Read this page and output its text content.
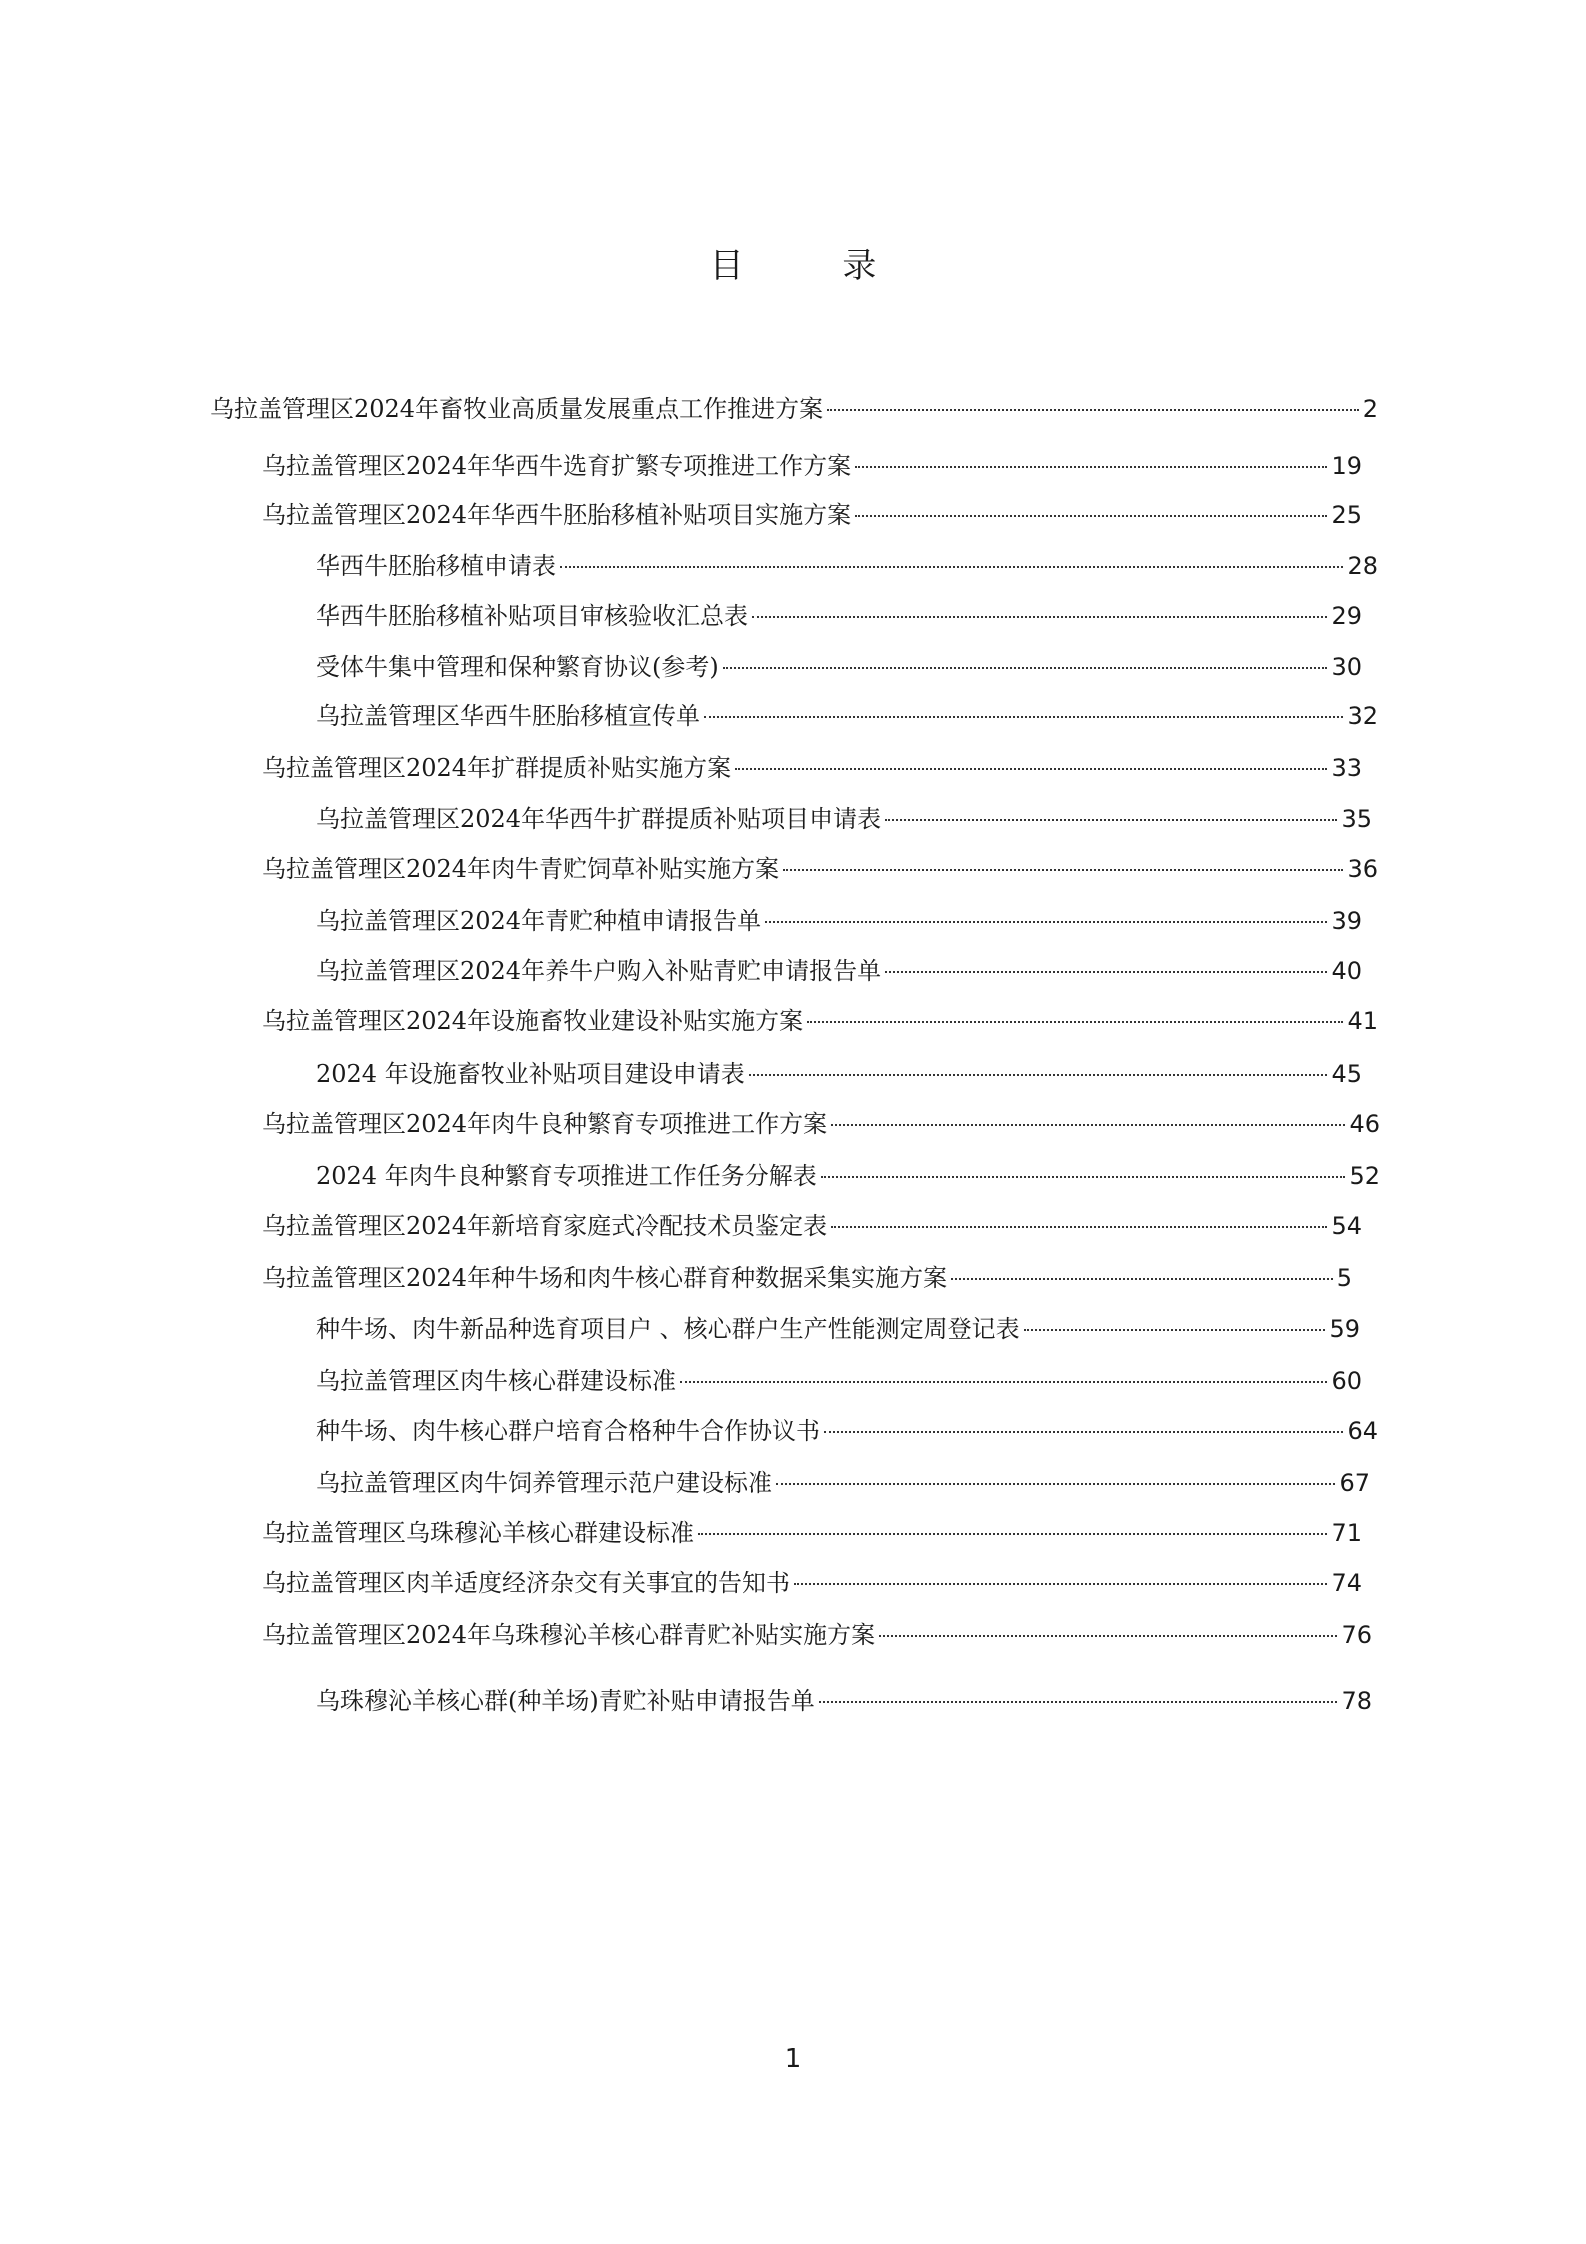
目 录
乌拉盖管理区2024年畜牧业高质量发展重点工作推进方案	2
乌拉盖管理区2024年华西牛选育扩繁专项推进工作方案	19
乌拉盖管理区2024年华西牛胚胎移植补贴项目实施方案	25
华西牛胚胎移植申请表	28
华西牛胚胎移植补贴项目审核验收汇总表	29
受体牛集中管理和保种繁育协议(参考)	30
乌拉盖管理区华西牛胚胎移植宣传单	32
乌拉盖管理区2024年扩群提质补贴实施方案	33
乌拉盖管理区2024年华西牛扩群提质补贴项目申请表	35
乌拉盖管理区2024年肉牛青贮饲草补贴实施方案	36
乌拉盖管理区2024年青贮种植申请报告单	39
乌拉盖管理区2024年养牛户购入补贴青贮申请报告单	40
乌拉盖管理区2024年设施畜牧业建设补贴实施方案	41
2024 年设施畜牧业补贴项目建设申请表	45
乌拉盖管理区2024年肉牛良种繁育专项推进工作方案	46
2024 年肉牛良种繁育专项推进工作任务分解表	52
乌拉盖管理区2024年新培育家庭式冷配技术员鉴定表	54
乌拉盖管理区2024年种牛场和肉牛核心群育种数据采集实施方案	5
种牛场、肉牛新品种选育项目户 、核心群户生产性能测定周登记表	59
乌拉盖管理区肉牛核心群建设标准	60
种牛场、肉牛核心群户培育合格种牛合作协议书	64
乌拉盖管理区肉牛饲养管理示范户建设标准	67
乌拉盖管理区乌珠穆沁羊核心群建设标准	71
乌拉盖管理区肉羊适度经济杂交有关事宜的告知书	74
乌拉盖管理区2024年乌珠穆沁羊核心群青贮补贴实施方案	76
乌珠穆沁羊核心群(种羊场)青贮补贴申请报告单	78
1
